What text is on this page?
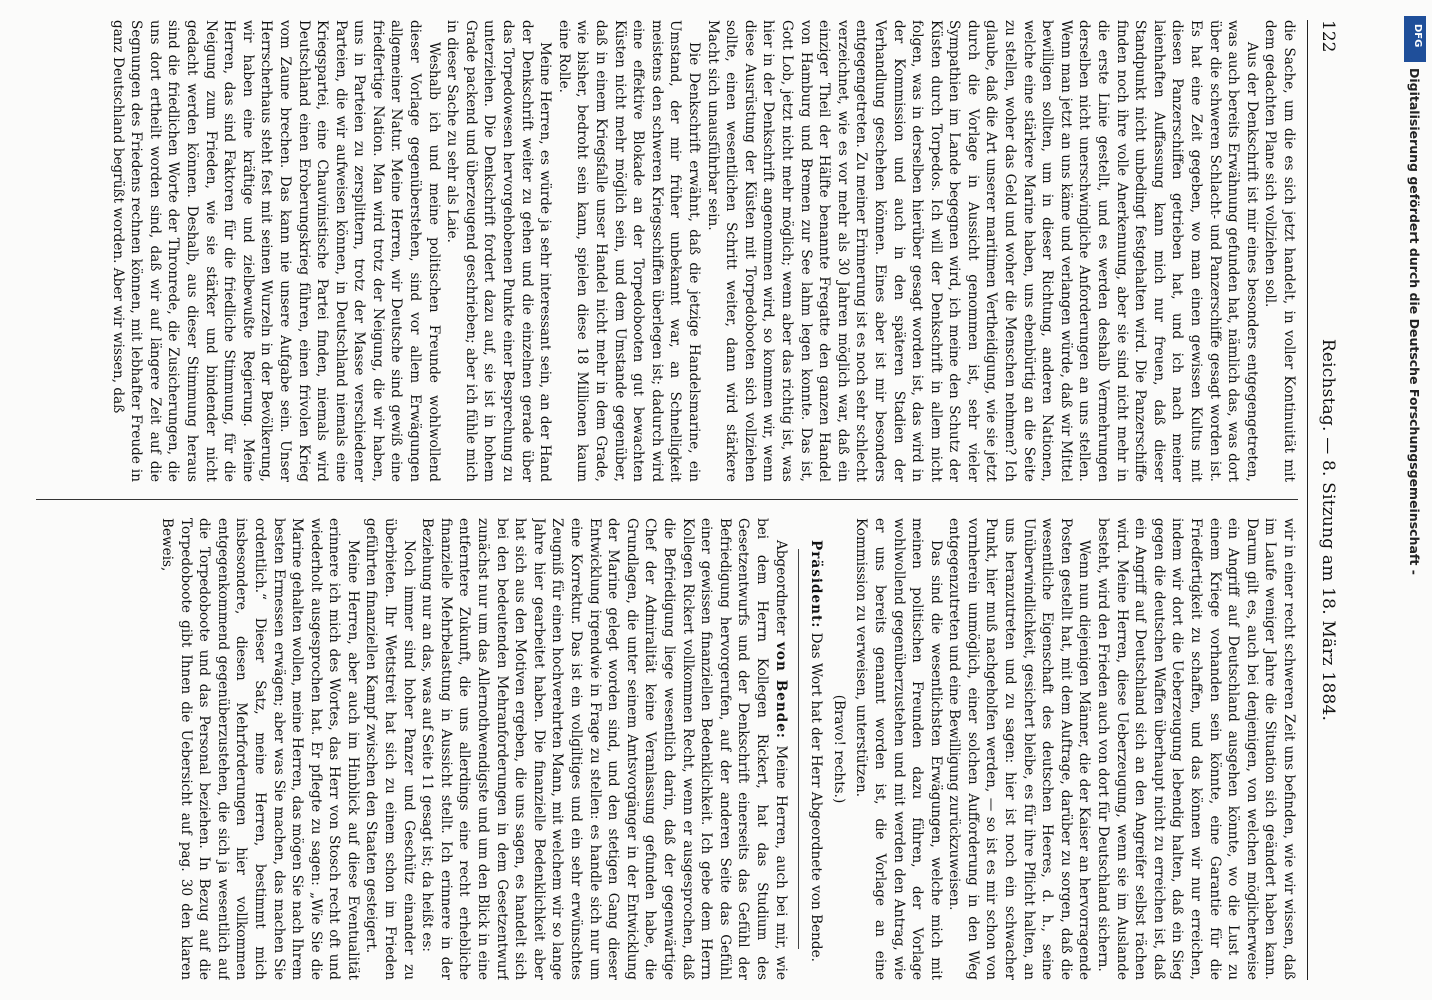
122
Reichstag. — 8. Sitzung am 18. März 1884.

die Sache, um die es sich jetzt handelt, in voller Kontinuität mit dem gedachten Plane sich vollziehen soll.

Aus der Denkschrift ist mir eines besonders entgegengetreten, was auch bereits Erwähnung gefunden hat, nämlich das, was dort über die schweren Schlacht- und Panzerschiffe gesagt worden ist. Es hat eine Zeit gegeben, wo man einen gewissen Kultus mit diesen Panzerschiffen getrieben hat, und ich nach meiner laienhaften Auffassung kann mich nur freuen, daß dieser Standpunkt nicht unbedingt festgehalten wird. Die Panzerschiffe finden noch ihre volle Anerkennung, aber sie sind nicht mehr in die erste Linie gestellt, und es werden deshalb Vermehrungen derselben nicht unerschwingliche Anforderungen an uns stellen. Wenn man jetzt an uns käme und verlangen würde, daß wir Mittel bewilligen sollten, um in dieser Richtung, anderen Nationen, welche eine stärkere Marine haben, uns ebenbürtig an die Seite zu stellen, woher das Geld und woher die Menschen nehmen? Ich glaube, daß die Art unserer maritimen Vertheidigung, wie sie jetzt durch die Vorlage in Aussicht genommen ist, sehr vieler Sympathien im Lande begegnen wird, ich meine den Schutz der Küsten durch Torpedos. Ich will der Denkschrift in allem nicht folgen, was in derselben hierüber gesagt worden ist, das wird in der Kommission und auch in den späteren Stadien der Verhandlung geschehen können. Eines aber ist mir besonders entgegengetreten. Zu meiner Erinnerung ist es noch sehr schlecht verzeichnet, wie es vor mehr als 30 Jahren möglich war, daß ein einziger Theil der Hälfte benannte Fregatte den ganzen Handel von Hamburg und Bremen zur See lahm legen konnte. Das ist, Gott Lob, jetzt nicht mehr möglich; wenn aber das richtig ist, was hier in der Denkschrift angenommen wird, so kommen wir, wenn diese Ausrüstung der Küsten mit Torpedobooten sich vollziehen sollte, einen wesentlichen Schritt weiter, dann wird stärkere Macht sich unausführbar sein.

Die Denkschrift erwähnt, daß die jetzige Handelsmarine, ein Umstand, der mir früher unbekannt war, an Schnelligkeit meistens den schweren Kriegsschiffen überlegen ist; dadurch wird eine effektive Blokade an der Torpedobooten gut bewachten Küsten nicht mehr möglich sein, und dem Umstande gegenüber, daß in einem Kriegsfalle unser Handel nicht mehr in dem Grade, wie bisher, bedroht sein kann, spielen diese 18 Millionen kaum eine Rolle.

Meine Herren, es würde ja sehr interessant sein, an der Hand der Denkschrift weiter zu gehen und die einzelnen gerade über das Torpedowesen hervorgehobenen Punkte einer Besprechung zu unterziehen. Die Denkschrift fordert dazu auf, sie ist in hohem Grade packend und überzeugend geschrieben; aber ich fühle mich in dieser Sache zu sehr als Laie.

Weshalb ich und meine politischen Freunde wohlwollend dieser Vorlage gegenüberstehen, sind vor allem Erwägungen allgemeiner Natur. Meine Herren, wir Deutsche sind gewiß eine friedfertige Nation. Man wird trotz der Neigung, die wir haben, uns in Parteien zu zersplittern, trotz der Masse verschiedener Parteien, die wir aufweisen können, in Deutschland niemals eine Kriegspartei, eine Chauvinistische Partei finden, niemals wird Deutschland einen Eroberungskrieg führen, einen frivolen Krieg vom Zaune brechen. Das kann nie unsere Aufgabe sein. Unser Herrscherhaus steht fest mit seinen Wurzeln in der Bevölkerung, wir haben eine kräftige und zielbewußte Regierung. Meine Herren, das sind Faktoren für die friedliche Stimmung, für die Neigung zum Frieden, wie sie stärker und bindender nicht gedacht werden können. Deshalb, aus dieser Stimmung heraus sind die friedlichen Worte der Thronrede, die Zusicherungen, die uns dort ertheilt worden sind, daß wir auf längere Zeit auf die Segnungen des Friedens rechnen können, mit lebhafter Freude in ganz Deutschland begrüßt worden. Aber wir wissen, daß

wir in einer recht schweren Zeit uns befinden, wie wir wissen, daß im Laufe weniger Jahre die Situation sich geändert haben kann. Darum gilt es, auch bei denjenigen, von welchen möglicherweise ein Angriff auf Deutschland ausgehen könnte, wo die Lust zu einem Kriege vorhanden sein könnte, eine Garantie für die Friedfertigkeit zu schaffen, und das können wir nur erreichen, indem wir dort die Ueberzeugung lebendig halten, daß ein Sieg gegen die deutschen Waffen überhaupt nicht zu erreichen ist, daß ein Angriff auf Deutschland sich an den Angreifer selbst rächen wird. Meine Herren, diese Ueberzeugung, wenn sie im Auslande besteht, wird den Frieden auch von dort für Deutschland sichern.

Wenn nun diejenigen Männer, die der Kaiser an hervorragende Posten gestellt hat, mit dem Auftrage, darüber zu sorgen, daß die wesentliche Eigenschaft des deutschen Heeres, d. h., seine Unüberwindlichkeit, gesichert bleibe, es für ihre Pflicht halten, an uns heranzutreten und zu sagen: hier ist noch ein schwacher Punkt, hier muß nachgeholfen werden, — so ist es mir schon von vornherein unmöglich, einer solchen Aufforderung in den Weg entgegenzutreten und eine Bewilligung zurückzuweisen.

Das sind die wesentlichsten Erwägungen, welche mich mit meinen politischen Freunden dazu führen, der Vorlage wohlwollend gegenüberzustehen und mit werden den Antrag, wie er uns bereits genannt worden ist, die Vorlage an eine Kommission zu verweisen, unterstützen.

(Bravo! rechts.)

Präsident: Das Wort hat der Herr Abgeordnete von Bende.

Abgeordneter von Bende: Meine Herren, auch bei mir, wie bei dem Herrn Kollegen Rickert, hat das Studium des Gesetzentwurfs und der Denkschrift einerseits das Gefühl der Befriedigung hervorgerufen, auf der anderen Seite das Gefühl einer gewissen finanziellen Bedenklichkeit. Ich gebe dem Herrn Kollegen Rickert vollkommen Recht, wenn er ausgesprochen, daß die Befriedigung liege wesentlich darin, daß der gegenwärtige Chef der Admiralität keine Veranlassung gefunden habe, die Grundlagen, die unter seinem Amtsvorgänger in der Entwicklung der Marine gelegt worden sind, und den stetigen Gang dieser Entwicklung irgendwie in Frage zu stellen: es handle sich nur um eine Korrektur. Das ist ein vollgiltiges und ein sehr erwünschtes Zeugniß für einen hochverehrten Mann, mit welchem wir so lange Jahre hier gearbeitet haben. Die finanzielle Bedenklichkeit aber hat sich aus den Motiven ergeben, die uns sagen, es handelt sich bei den bedeutenden Mehranforderungen in dem Gesetzentwurf zunächst nur um das Allernothwendigste und um den Blick in eine entferntere Zukunft, die uns allerdings eine recht erhebliche finanzielle Mehrbelastung in Aussicht stellt. Ich erinnere in der Beziehung nur an das, was auf Seite 11 gesagt ist; da heißt es:

Noch immer sind hoher Panzer und Geschütz einander zu überbieten. Ihr Wettstreit hat sich zu einem schon im Frieden geführten finanziellen Kampf zwischen den Staaten gesteigert.

Meine Herren, aber auch im Hinblick auf diese Eventualität erinnere ich mich des Wortes, das Herr von Stosch recht oft und wiederholt ausgesprochen hat. Er pflegte zu sagen: „Wie Sie die Marine gehalten wollen, meine Herren, das mögen Sie nach Ihrem besten Ermessen erwägen; aber was Sie machen, das machen Sie ordentlich.“ Dieser Satz, meine Herren, bestimmt mich insbesondere, diesen Mehrforderungen hier vollkommen entgegenkommend gegenüberzustehen, die sich ja wesentlich auf die Torpedoboote und das Personal beziehen. In Bezug auf die Torpedoboote gibt Ihnen die Uebersicht auf pag. 30 den klaren Beweis,

DFG
Digitalisierung gefördert durch die Deutsche Forschungsgemeinschaft -
